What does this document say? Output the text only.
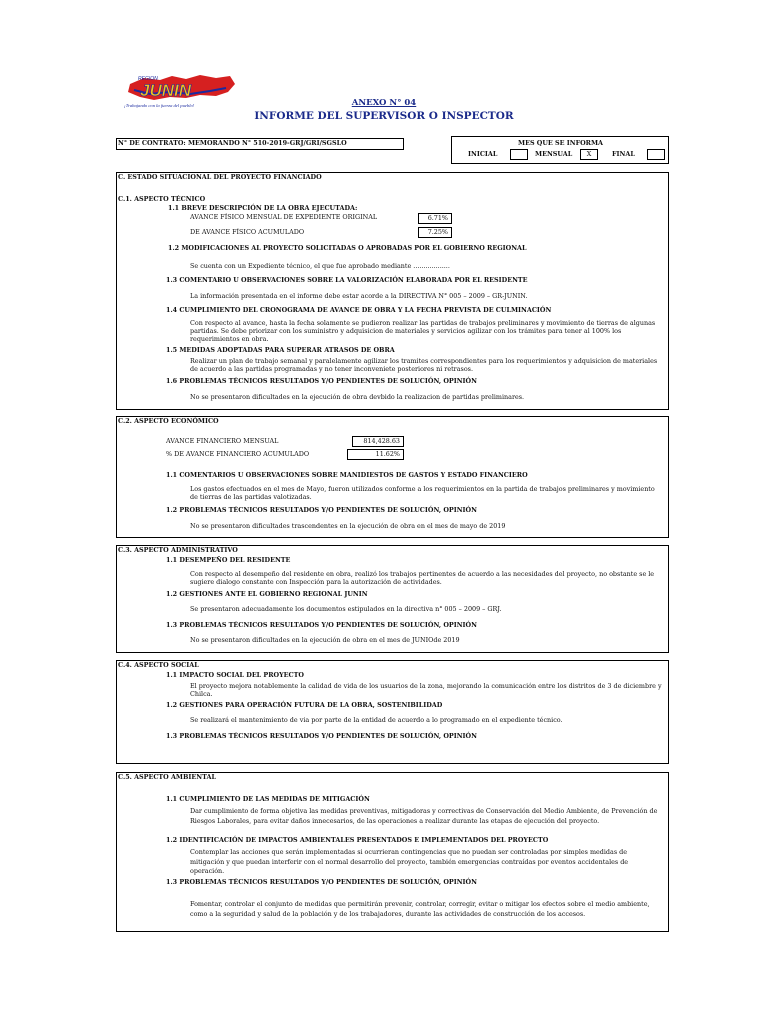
REGION
JUNIN
¡Trabajando con la fuerza del pueblo!	ANEXO N° 04
INFORME DEL SUPERVISOR O INSPECTOR
N° DE CONTRATO: MEMORANDO N° 510-2019-GRJ/GRI/SGSLO	MES QUE SE INFORMA
INICIAL	MENSUAL	X	FINAL
C. ESTADO SITUACIONAL DEL PROYECTO FINANCIADO
C.1. ASPECTO TÉCNICO
1.1 BREVE DESCRIPCIÓN DE LA OBRA EJECUTADA:
AVANCE FÍSICO MENSUAL DE EXPEDIENTE ORIGINAL	6.71%
DE AVANCE FÍSICO ACUMULADO	7.25%
1.2 MODIFICACIONES AL PROYECTO SOLICITADAS O APROBADAS POR EL GOBIERNO REGIONAL
Se cuenta con un Expediente técnico, el que fue aprobado mediante ..................
1.3 COMENTARIO U OBSERVACIONES SOBRE LA VALORIZACIÓN ELABORADA POR EL RESIDENTE
La información presentada en el informe debe estar acorde a la DIRECTIVA N° 005 – 2009 – GR-JUNIN.
1.4 CUMPLIMIENTO DEL CRONOGRAMA DE AVANCE DE OBRA Y LA FECHA PREVISTA DE CULMINACIÓN
Con respecto al avance, hasta la fecha solamente se pudieron realizar las partidas de trabajos preliminares y movimiento de tierras de algunas partidas. Se debe priorizar con los suministro y adquisicion de materiales y servicios agilizar con los trámites para tener al 100% los requerimientos en obra.
1.5 MEDIDAS ADOPTADAS PARA SUPERAR ATRASOS DE OBRA
Realizar un plan de trabajo semanal y paralelamente agilizar los tramites correspondientes para los requerimientos y adquisicion de materiales de acuerdo a las partidas programadas y no tener inconveniete posteriores ni retrasos.
1.6 PROBLEMAS TÉCNICOS RESULTADOS Y/O PENDIENTES DE SOLUCIÓN, OPINIÓN
No se presentaron dificultades en la ejecución de obra devbido la realizacion de partidas preliminares.
C.2. ASPECTO ECONÓMICO
AVANCE FINANCIERO MENSUAL	814,428.63
% DE AVANCE FINANCIERO ACUMULADO	11.62%
1.1 COMENTARIOS U OBSERVACIONES SOBRE MANIDIESTOS DE GASTOS Y ESTADO FINANCIERO
Los gastos efectuados en el mes de Mayo, fueron utilizados conforme a los requerimientos en la partida de trabajos preliminares y movimiento de tierras de las partidas valotizadas.
1.2 PROBLEMAS TÉCNICOS RESULTADOS Y/O PENDIENTES DE SOLUCIÓN, OPINIÓN
No se presentaron dificultades trascendentes en la ejecución de obra en el mes de mayo de 2019
C.3. ASPECTO ADMINISTRATIVO
1.1 DESEMPEÑO DEL RESIDENTE
Con respecto al desempeño del residente en obra, realizó los trabajos pertinentes de acuerdo a las necesidades del proyecto, no obstante se le sugiere dialogo constante con Inspección para la autorización de actividades.
1.2 GESTIONES ANTE EL GOBIERNO REGIONAL JUNIN
Se presentaron adecuadamente los documentos estipulados en la directiva n° 005 – 2009 – GRJ.
1.3 PROBLEMAS TÉCNICOS RESULTADOS Y/O PENDIENTES DE SOLUCIÓN, OPINIÓN
No se presentaron dificultades en la ejecución de obra en el mes de JUNIOde 2019
C.4. ASPECTO SOCIAL
1.1 IMPACTO SOCIAL DEL PROYECTO
El proyecto mejora notablemente la calidad de vida de los usuarios de la zona, mejorando la comunicación entre los distritos de 3 de diciembre y Chilca.
1.2 GESTIONES PARA OPERACIÓN FUTURA DE LA OBRA, SOSTENIBILIDAD
Se realizará el mantenimiento de via por parte de la entidad de acuerdo a lo programado en el expediente técnico.
1.3 PROBLEMAS TÉCNICOS RESULTADOS Y/O PENDIENTES DE SOLUCIÓN, OPINIÓN
C.5. ASPECTO AMBIENTAL
1.1 CUMPLIMIENTO DE LAS MEDIDAS DE MITIGACIÓN
Dar cumplimiento de forma objetiva las medidas preventivas, mitigadoras y correctivas de Conservación del Medio Ambiente, de Prevención de Riesgos Laborales, para evitar daños innecesarios, de las operaciones a realizar durante las etapas de ejecución del proyecto.
1.2 IDENTIFICACIÓN DE IMPACTOS AMBIENTALES PRESENTADOS E IMPLEMENTADOS DEL PROYECTO
Contemplar las acciones que serán implementadas si ocurrieran contingencias que no puedan ser controladas por simples medidas de mitigación y que puedan interferir con el normal desarrollo del proyecto, también emergencias contraídas por eventos accidentales de operación.
1.3 PROBLEMAS TÉCNICOS RESULTADOS Y/O PENDIENTES DE SOLUCIÓN, OPINIÓN
Fomentar, controlar el conjunto de medidas que permitirán prevenir, controlar, corregir, evitar o mitigar los efectos sobre el medio ambiente, como a la seguridad y salud de la población y de los trabajadores, durante las actividades de construcción de los accesos.
